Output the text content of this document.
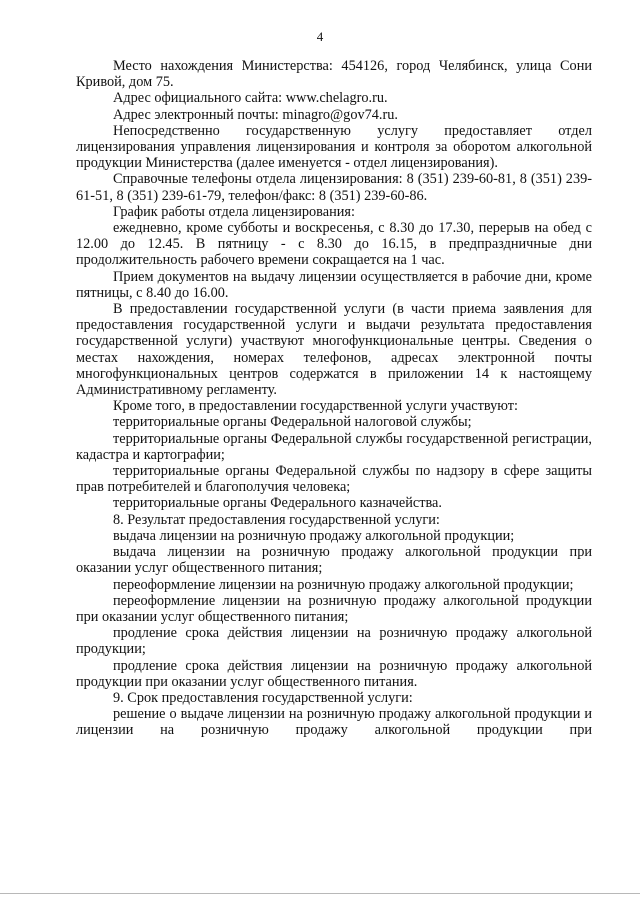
4

Место нахождения Министерства: 454126, город Челябинск, улица Сони Кривой, дом 75.

Адрес официального сайта: www.chelagro.ru.

Адрес электронный почты: minagro@gov74.ru.

Непосредственно государственную услугу предоставляет отдел лицензирования управления лицензирования и контроля за оборотом алкогольной продукции Министерства (далее именуется - отдел лицензирования).

Справочные телефоны отдела лицензирования: 8 (351) 239-60-81, 8 (351) 239-61-51, 8 (351) 239-61-79, телефон/факс: 8 (351) 239-60-86.

График работы отдела лицензирования:

ежедневно, кроме субботы и воскресенья, с 8.30 до 17.30, перерыв на обед с 12.00 до 12.45. В пятницу - с 8.30 до 16.15, в предпраздничные дни продолжительность рабочего времени сокращается на 1 час.

Прием документов на выдачу лицензии осуществляется в рабочие дни, кроме пятницы, с 8.40 до 16.00.

В предоставлении государственной услуги (в части приема заявления для предоставления государственной услуги и выдачи результата предоставления государственной услуги) участвуют многофункциональные центры. Сведения о местах нахождения, номерах телефонов, адресах электронной почты многофункциональных центров содержатся в приложении 14 к настоящему Административному регламенту.

Кроме того, в предоставлении государственной услуги участвуют:

территориальные органы Федеральной налоговой службы;

территориальные органы Федеральной службы государственной регистрации, кадастра и картографии;

территориальные органы Федеральной службы по надзору в сфере защиты прав потребителей и благополучия человека;

территориальные органы Федерального казначейства.

8. Результат предоставления государственной услуги:

выдача лицензии на розничную продажу алкогольной продукции;

выдача лицензии на розничную продажу алкогольной продукции при оказании услуг общественного питания;

переоформление лицензии на розничную продажу алкогольной продукции;

переоформление лицензии на розничную продажу алкогольной продукции при оказании услуг общественного питания;

продление срока действия лицензии на розничную продажу алкогольной продукции;

продление срока действия лицензии на розничную продажу алкогольной продукции при оказании услуг общественного питания.

9. Срок предоставления государственной услуги:

решение о выдаче лицензии на розничную продажу алкогольной продукции и лицензии на розничную продажу алкогольной продукции при
